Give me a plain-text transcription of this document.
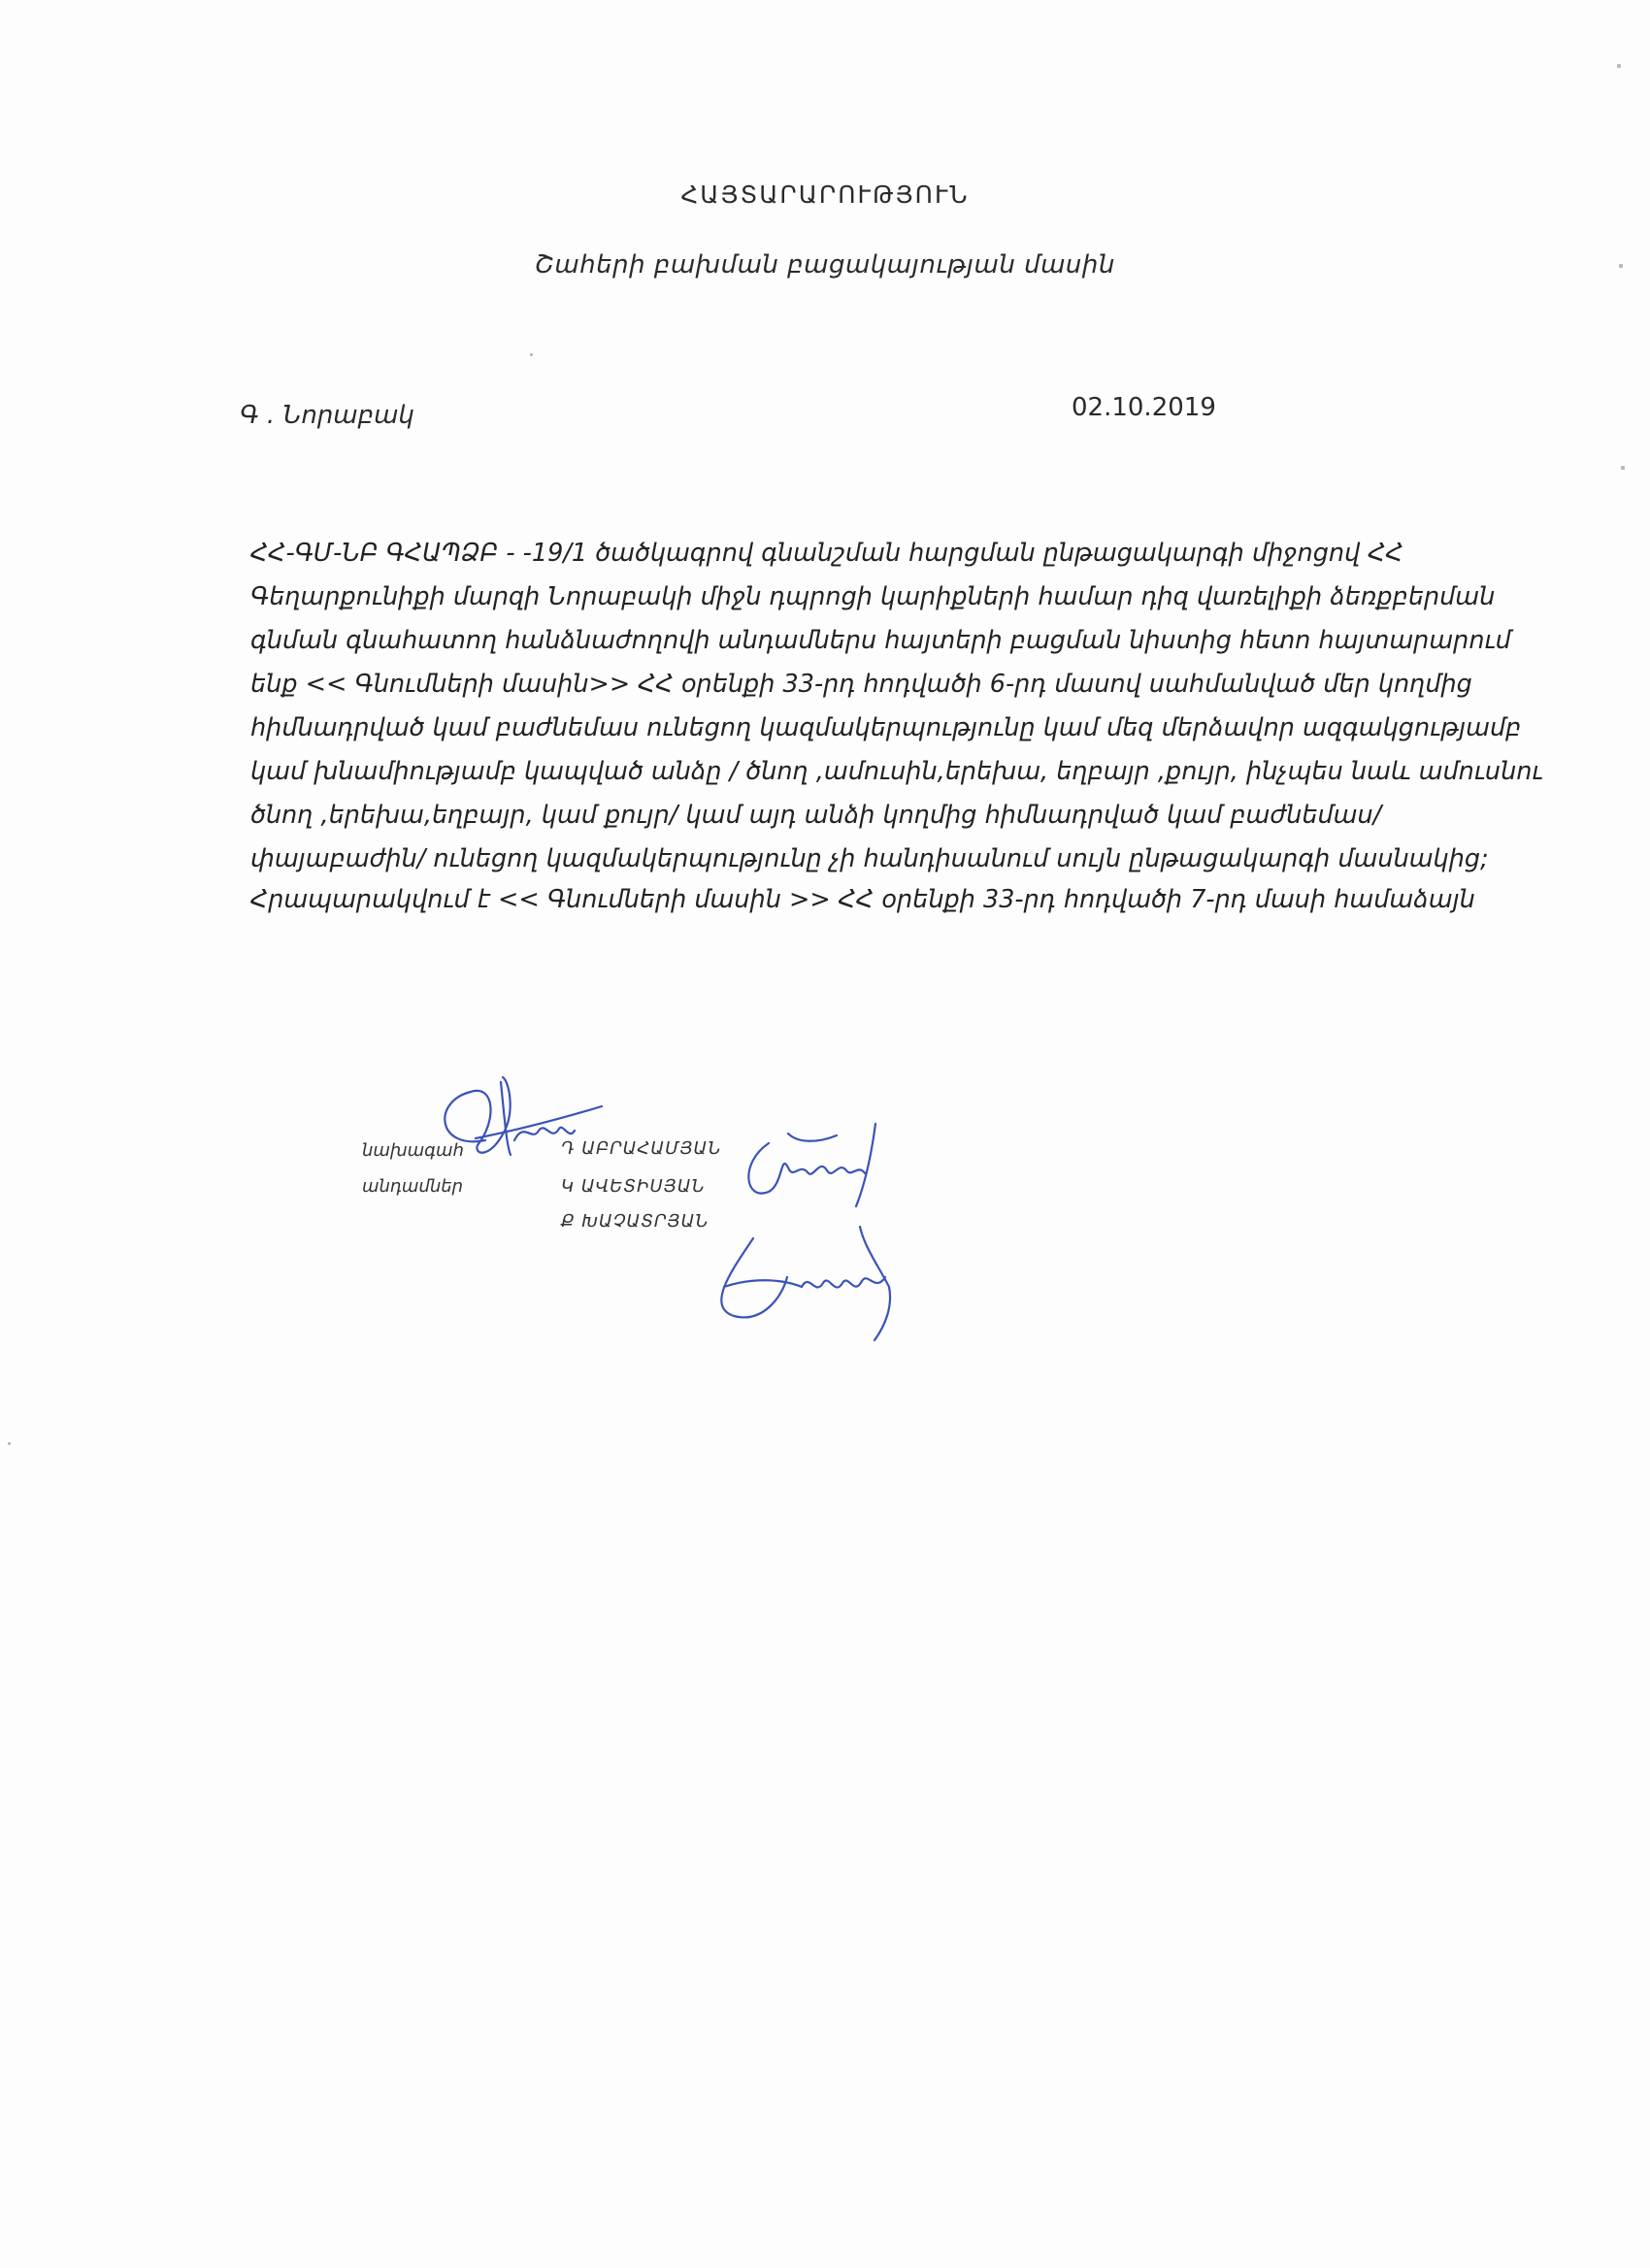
ՀԱՅՏԱՐԱՐՈՒԹՅՈՒՆ
Շահերի բախման բացակայության մասին
Գ . Նորաբակ	02.10.2019
ՀՀ-ԳՄ-ՆԲ ԳՀԱՊՁԲ - -19/1 ծածկագրով գնանշման հարցման ընթացակարգի միջոցով ՀՀ
Գեղարքունիքի մարզի Նորաբակի միջն դպրոցի կարիքների համար դիզ վառելիքի ձեռքբերման
գնման գնահատող հանձնաժողովի անդամներս հայտերի բացման նիստից հետո հայտարարում
ենք << Գնումների մասին>> ՀՀ օրենքի 33-րդ հոդվածի 6-րդ մասով սահմանված մեր կողմից
հիմնադրված կամ բաժնեմաս ունեցող կազմակերպությունը կամ մեզ մերձավոր ազգակցությամբ
կամ խնամիությամբ կապված անձը / ծնող ,ամուսին,երեխա, եղբայր ,քույր, ինչպես նաև ամուսնու
ծնող ,երեխա,եղբայր, կամ քույր/ կամ այդ անձի կողմից հիմնադրված կամ բաժնեմաս/
փայաբաժին/ ունեցող կազմակերպությունը չի հանդիսանում սույն ընթացակարգի մասնակից;
Հրապարակվում է << Գնումների մասին >> ՀՀ օրենքի 33-րդ հոդվածի 7-րդ մասի համաձայն
նախագահ
անդամներ
Դ ԱԲՐԱՀԱՄՅԱՆ
Կ ԱՎԵՏԻՍՅԱՆ
Ք ԽԱՉԱՏՐՅԱՆ
